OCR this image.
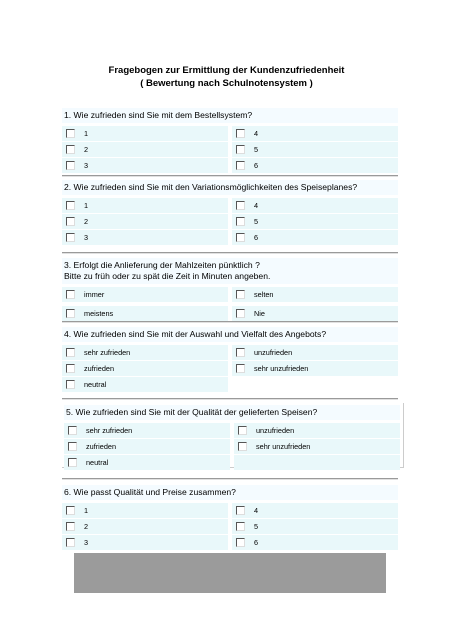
Fragebogen zur Ermittlung der Kundenzufriedenheit
( Bewertung nach Schulnotensystem )
1. Wie zufrieden sind Sie mit dem Bestellsystem?
1	4
2	5
3	6
2. Wie zufrieden sind Sie mit den Variationsmöglichkeiten des Speiseplanes?
1	4
2	5
3	6
3. Erfolgt die Anlieferung der Mahlzeiten pünktlich ?
Bitte zu früh oder zu spät die Zeit in Minuten angeben.
immer	selten
meistens	Nie
4. Wie zufrieden sind Sie mit der Auswahl und Vielfalt des Angebots?
sehr zufrieden	unzufrieden
zufrieden	sehr unzufrieden
neutral
5. Wie zufrieden sind Sie mit der Qualität der gelieferten Speisen?
sehr zufrieden	unzufrieden
zufrieden	sehr unzufrieden
neutral
6. Wie passt Qualität und Preise zusammen?
1	4
2	5
3	6
